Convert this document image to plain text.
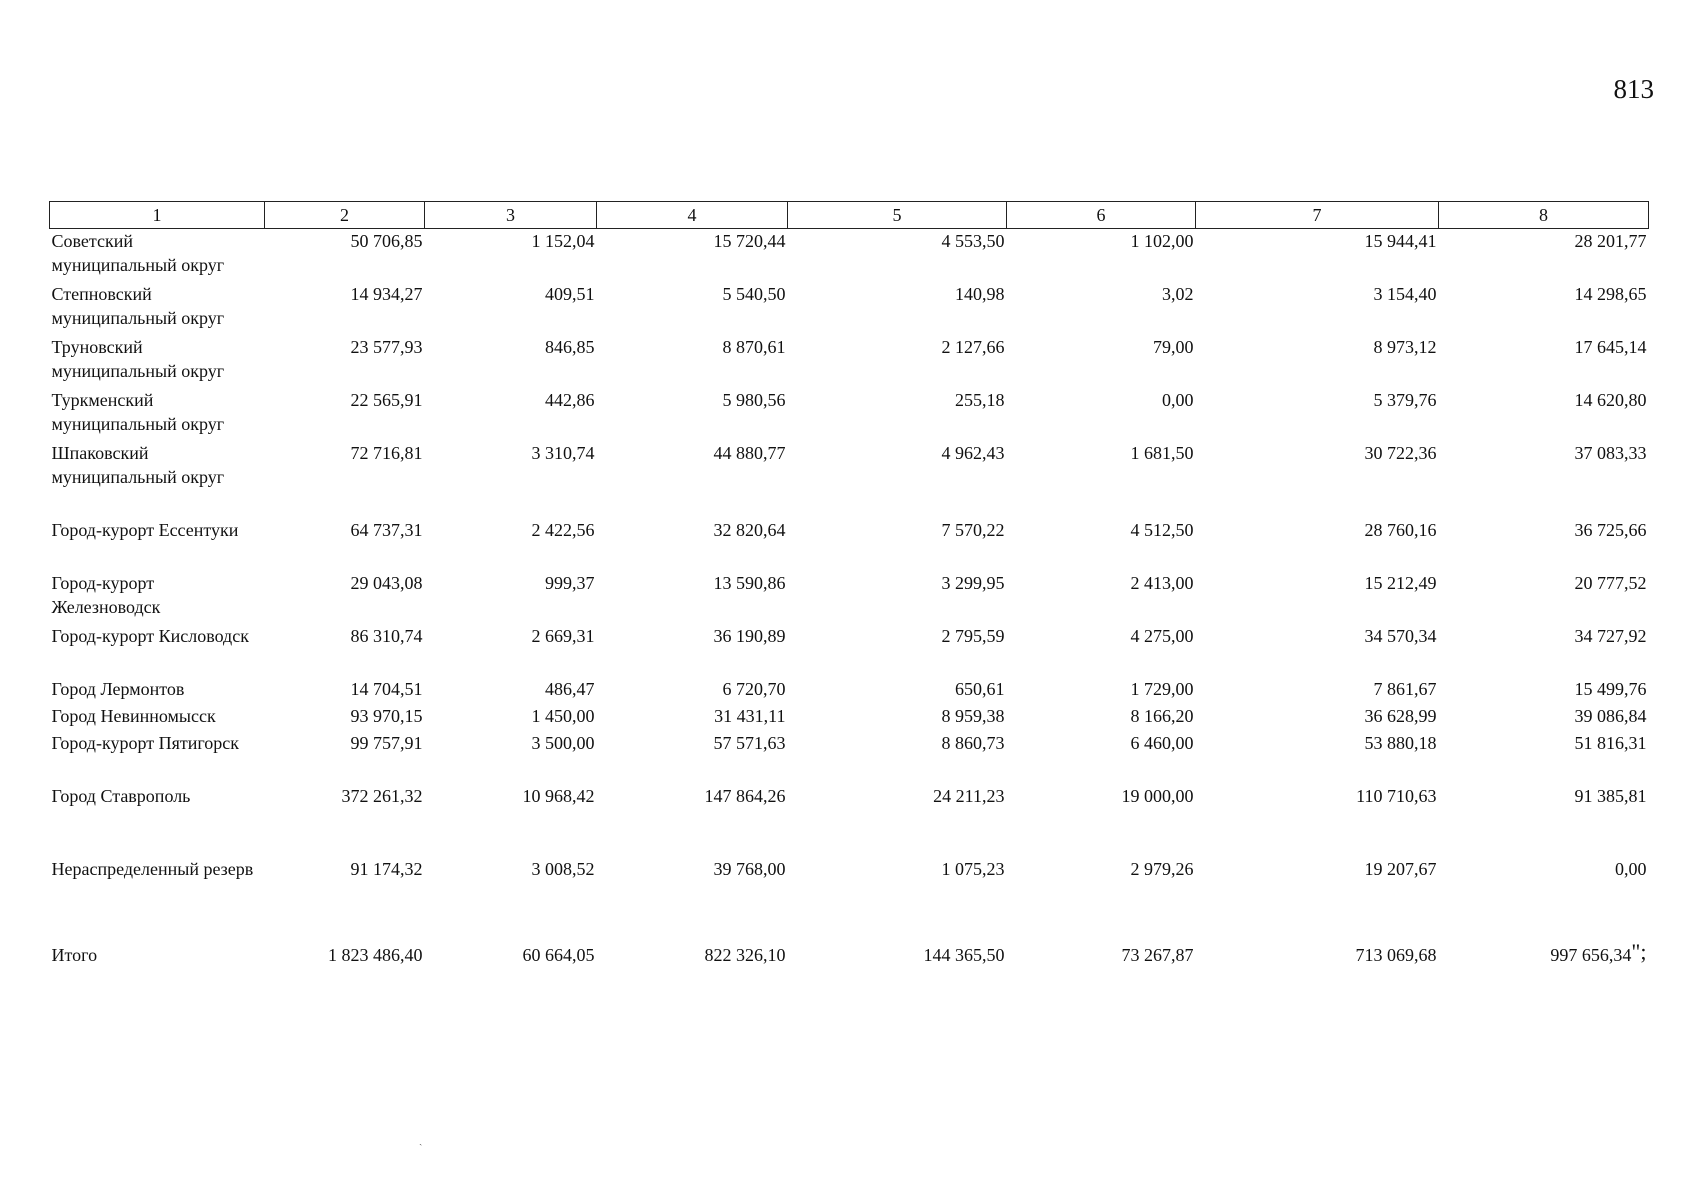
813
1	2	3	4	5	6	7	8
Советский муниципальный округ	50 706,85	1 152,04	15 720,44	4 553,50	1 102,00	15 944,41	28 201,77
Степновский муниципальный округ	14 934,27	409,51	5 540,50	140,98	3,02	3 154,40	14 298,65
Труновский муниципальный округ	23 577,93	846,85	8 870,61	2 127,66	79,00	8 973,12	17 645,14
Туркменский муниципальный округ	22 565,91	442,86	5 980,56	255,18	0,00	5 379,76	14 620,80
Шпаковский муниципальный округ	72 716,81	3 310,74	44 880,77	4 962,43	1 681,50	30 722,36	37 083,33
Город-курорт Ессентуки	64 737,31	2 422,56	32 820,64	7 570,22	4 512,50	28 760,16	36 725,66
Город-курорт Железноводск	29 043,08	999,37	13 590,86	3 299,95	2 413,00	15 212,49	20 777,52
Город-курорт Кисловодск	86 310,74	2 669,31	36 190,89	2 795,59	4 275,00	34 570,34	34 727,92
Город Лермонтов	14 704,51	486,47	6 720,70	650,61	1 729,00	7 861,67	15 499,76
Город Невинномысск	93 970,15	1 450,00	31 431,11	8 959,38	8 166,20	36 628,99	39 086,84
Город-курорт Пятигорск	99 757,91	3 500,00	57 571,63	8 860,73	6 460,00	53 880,18	51 816,31
Город Ставрополь	372 261,32	10 968,42	147 864,26	24 211,23	19 000,00	110 710,63	91 385,81
Нераспределенный резерв	91 174,32	3 008,52	39 768,00	1 075,23	2 979,26	19 207,67	0,00
Итого	1 823 486,40	60 664,05	822 326,10	144 365,50	73 267,87	713 069,68	997 656,34";
ˎ
